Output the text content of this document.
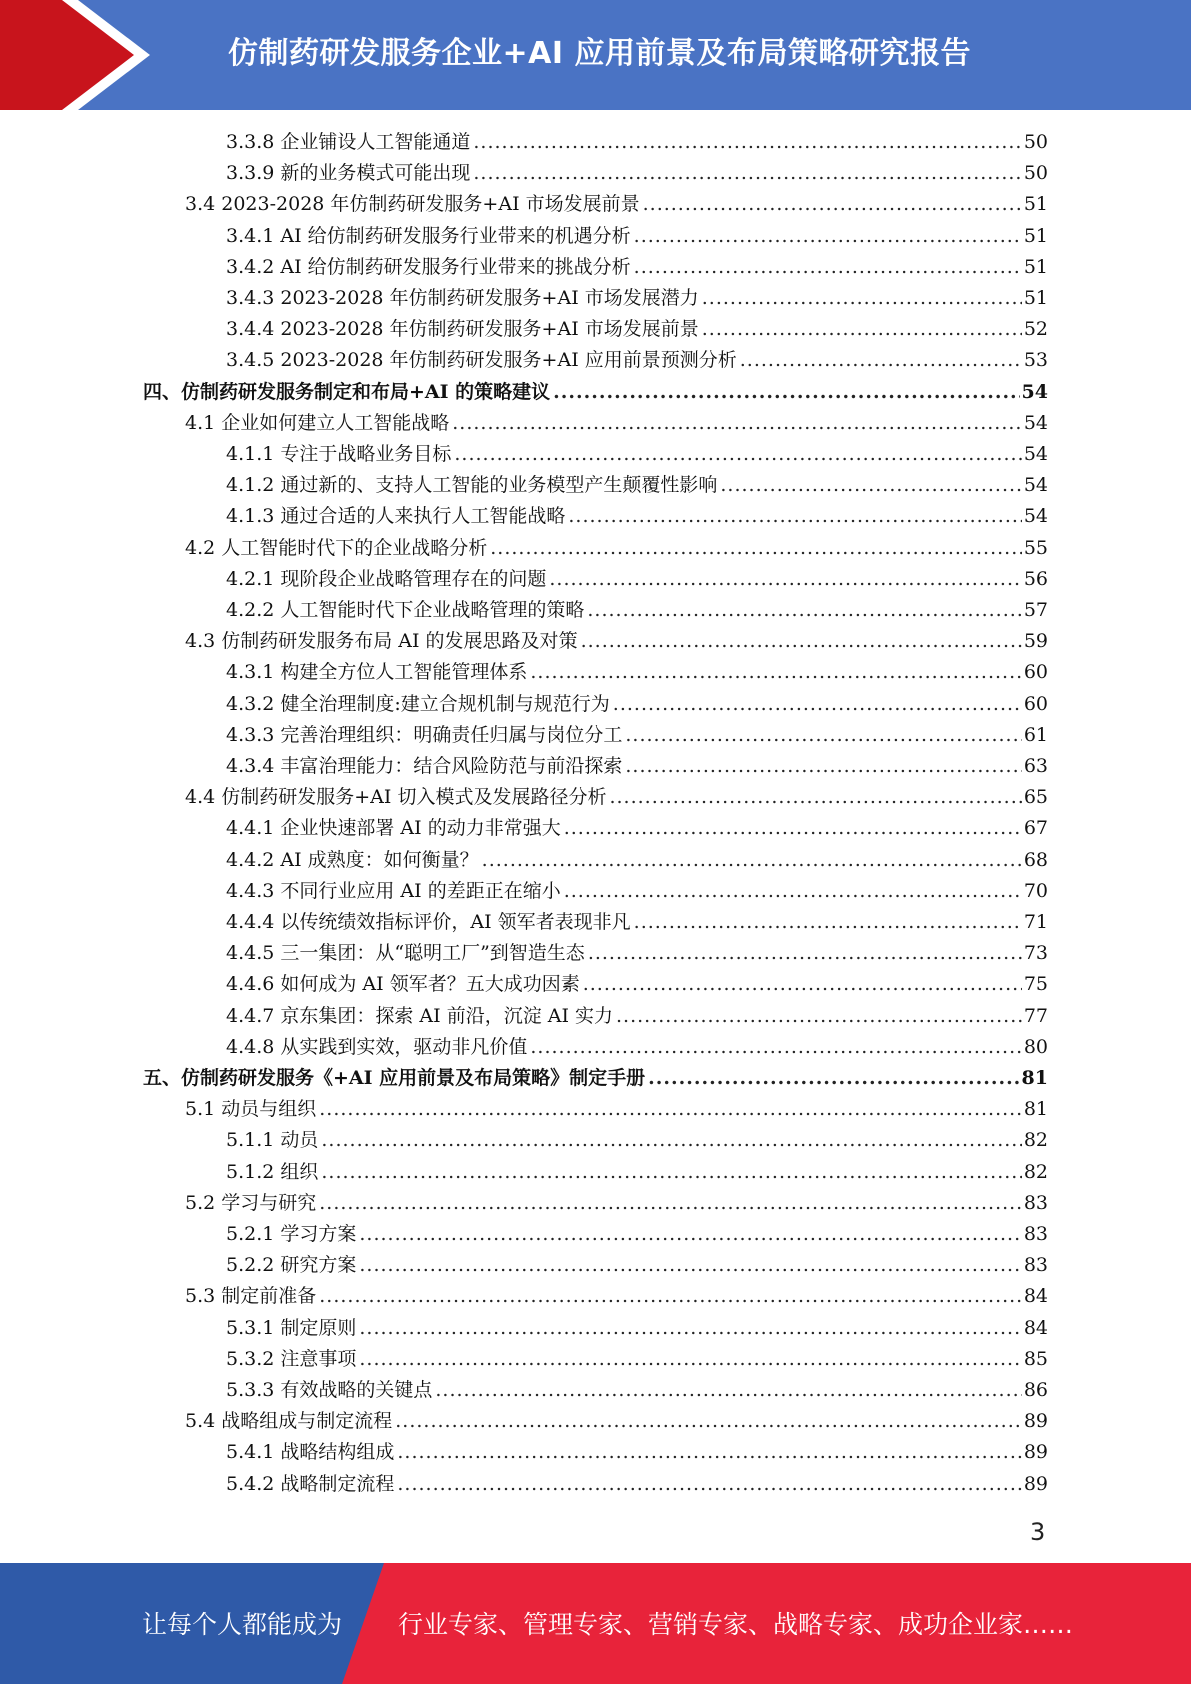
仿制药研发服务企业+AI 应用前景及布局策略研究报告
3.3.8 企业铺设人工智能通道 .....	50
3.3.9 新的业务模式可能出现 .....	50
3.4 2023-2028 年仿制药研发服务+AI 市场发展前景 .....	51
3.4.1 AI 给仿制药研发服务行业带来的机遇分析 .....	51
3.4.2 AI 给仿制药研发服务行业带来的挑战分析 .....	51
3.4.3 2023-2028 年仿制药研发服务+AI 市场发展潜力 .....	51
3.4.4 2023-2028 年仿制药研发服务+AI 市场发展前景 .....	52
3.4.5 2023-2028 年仿制药研发服务+AI 应用前景预测分析 .....	53
四、仿制药研发服务制定和布局+AI 的策略建议 .....	54
4.1 企业如何建立人工智能战略 .....	54
4.1.1 专注于战略业务目标 .....	54
4.1.2 通过新的、支持人工智能的业务模型产生颠覆性影响 .....	54
4.1.3 通过合适的人来执行人工智能战略 .....	54
4.2 人工智能时代下的企业战略分析 .....	55
4.2.1 现阶段企业战略管理存在的问题 .....	56
4.2.2 人工智能时代下企业战略管理的策略 .....	57
4.3 仿制药研发服务布局 AI 的发展思路及对策 .....	59
4.3.1 构建全方位人工智能管理体系 .....	60
4.3.2 健全治理制度:建立合规机制与规范行为 .....	60
4.3.3 完善治理组织：明确责任归属与岗位分工 .....	61
4.3.4 丰富治理能力：结合风险防范与前沿探索 .....	63
4.4 仿制药研发服务+AI 切入模式及发展路径分析 .....	65
4.4.1 企业快速部署 AI 的动力非常强大 .....	67
4.4.2 AI 成熟度：如何衡量？ .....	68
4.4.3 不同行业应用 AI 的差距正在缩小 .....	70
4.4.4 以传统绩效指标评价，AI 领军者表现非凡 .....	71
4.4.5 三一集团：从“聪明工厂”到智造生态 .....	73
4.4.6 如何成为 AI 领军者？五大成功因素 .....	75
4.4.7 京东集团：探索 AI 前沿，沉淀 AI 实力 .....	77
4.4.8 从实践到实效，驱动非凡价值 .....	80
五、仿制药研发服务《+AI 应用前景及布局策略》制定手册 .....	81
5.1 动员与组织 .....	81
5.1.1 动员 .....	82
5.1.2 组织 .....	82
5.2 学习与研究 .....	83
5.2.1 学习方案 .....	83
5.2.2 研究方案 .....	83
5.3 制定前准备 .....	84
5.3.1 制定原则 .....	84
5.3.2 注意事项 .....	85
5.3.3 有效战略的关键点 .....	86
5.4 战略组成与制定流程 .....	89
5.4.1 战略结构组成 .....	89
5.4.2 战略制定流程 .....	89
3
让每个人都能成为 行业专家、管理专家、营销专家、战略专家、成功企业家……
